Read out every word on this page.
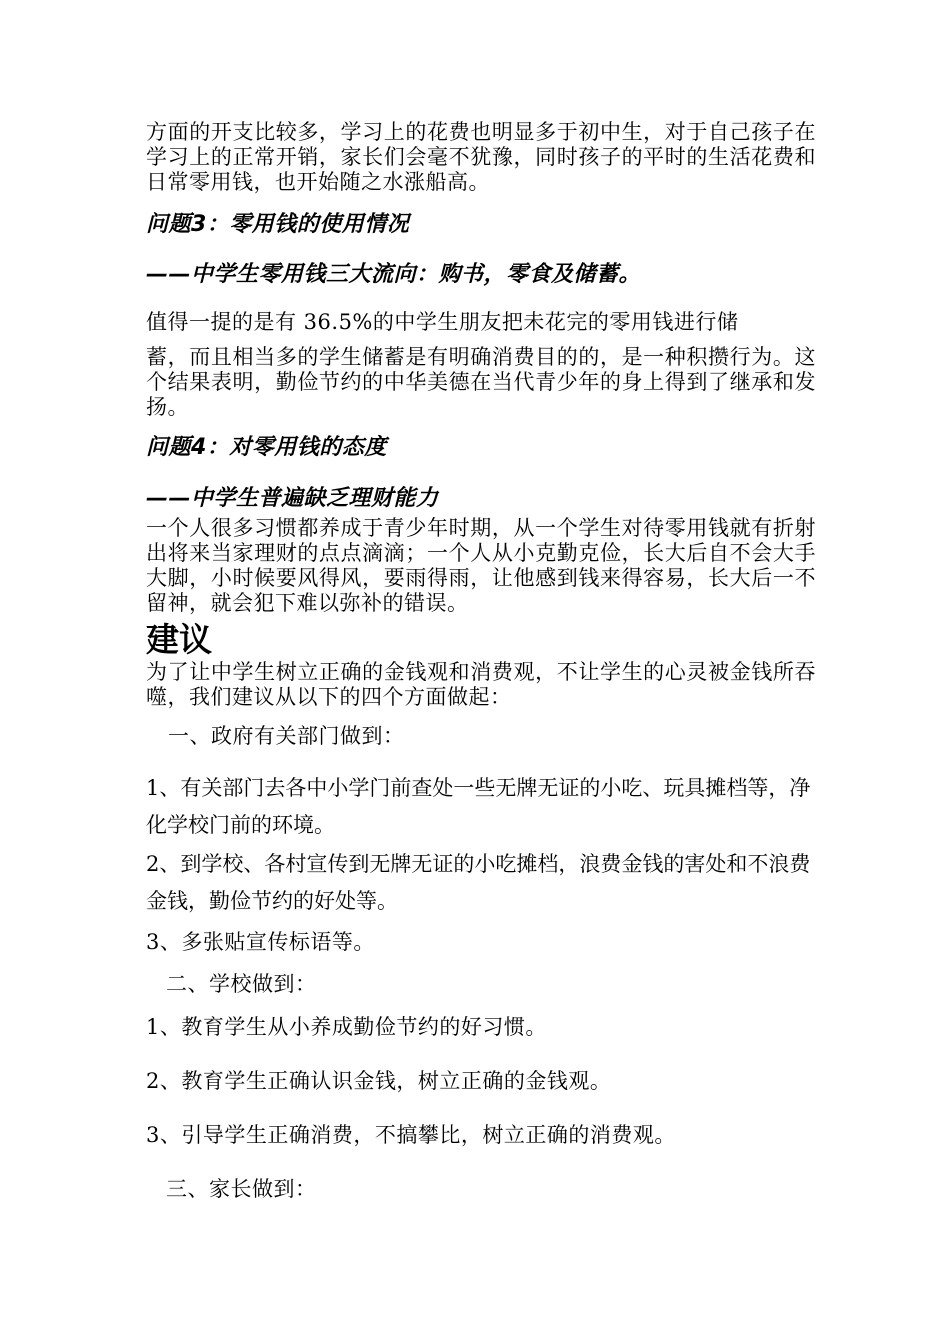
方面的开支比较多，学习上的花费也明显多于初中生，对于自己孩子在学习上的正常开销，家长们会毫不犹豫，同时孩子的平时的生活花费和日常零用钱，也开始随之水涨船高。

问题3：零用钱的使用情况

——中学生零用钱三大流向：购书，零食及储蓄。

值得一提的是有 36.5%的中学生朋友把未花完的零用钱进行储

蓄，而且相当多的学生储蓄是有明确消费目的的，是一种积攒行为。这个结果表明，勤俭节约的中华美德在当代青少年的身上得到了继承和发扬。

问题4：对零用钱的态度

——中学生普遍缺乏理财能力

一个人很多习惯都养成于青少年时期，从一个学生对待零用钱就有折射出将来当家理财的点点滴滴；一个人从小克勤克俭，长大后自不会大手大脚，小时候要风得风，要雨得雨，让他感到钱来得容易，长大后一不留神，就会犯下难以弥补的错误。

建议

为了让中学生树立正确的金钱观和消费观，不让学生的心灵被金钱所吞噬，我们建议从以下的四个方面做起：

一、政府有关部门做到：

1、有关部门去各中小学门前查处一些无牌无证的小吃、玩具摊档等，净化学校门前的环境。

2、到学校、各村宣传到无牌无证的小吃摊档，浪费金钱的害处和不浪费金钱，勤俭节约的好处等。

3、多张贴宣传标语等。

二、学校做到：

1、教育学生从小养成勤俭节约的好习惯。

2、教育学生正确认识金钱，树立正确的金钱观。

3、引导学生正确消费，不搞攀比，树立正确的消费观。

三、家长做到：
